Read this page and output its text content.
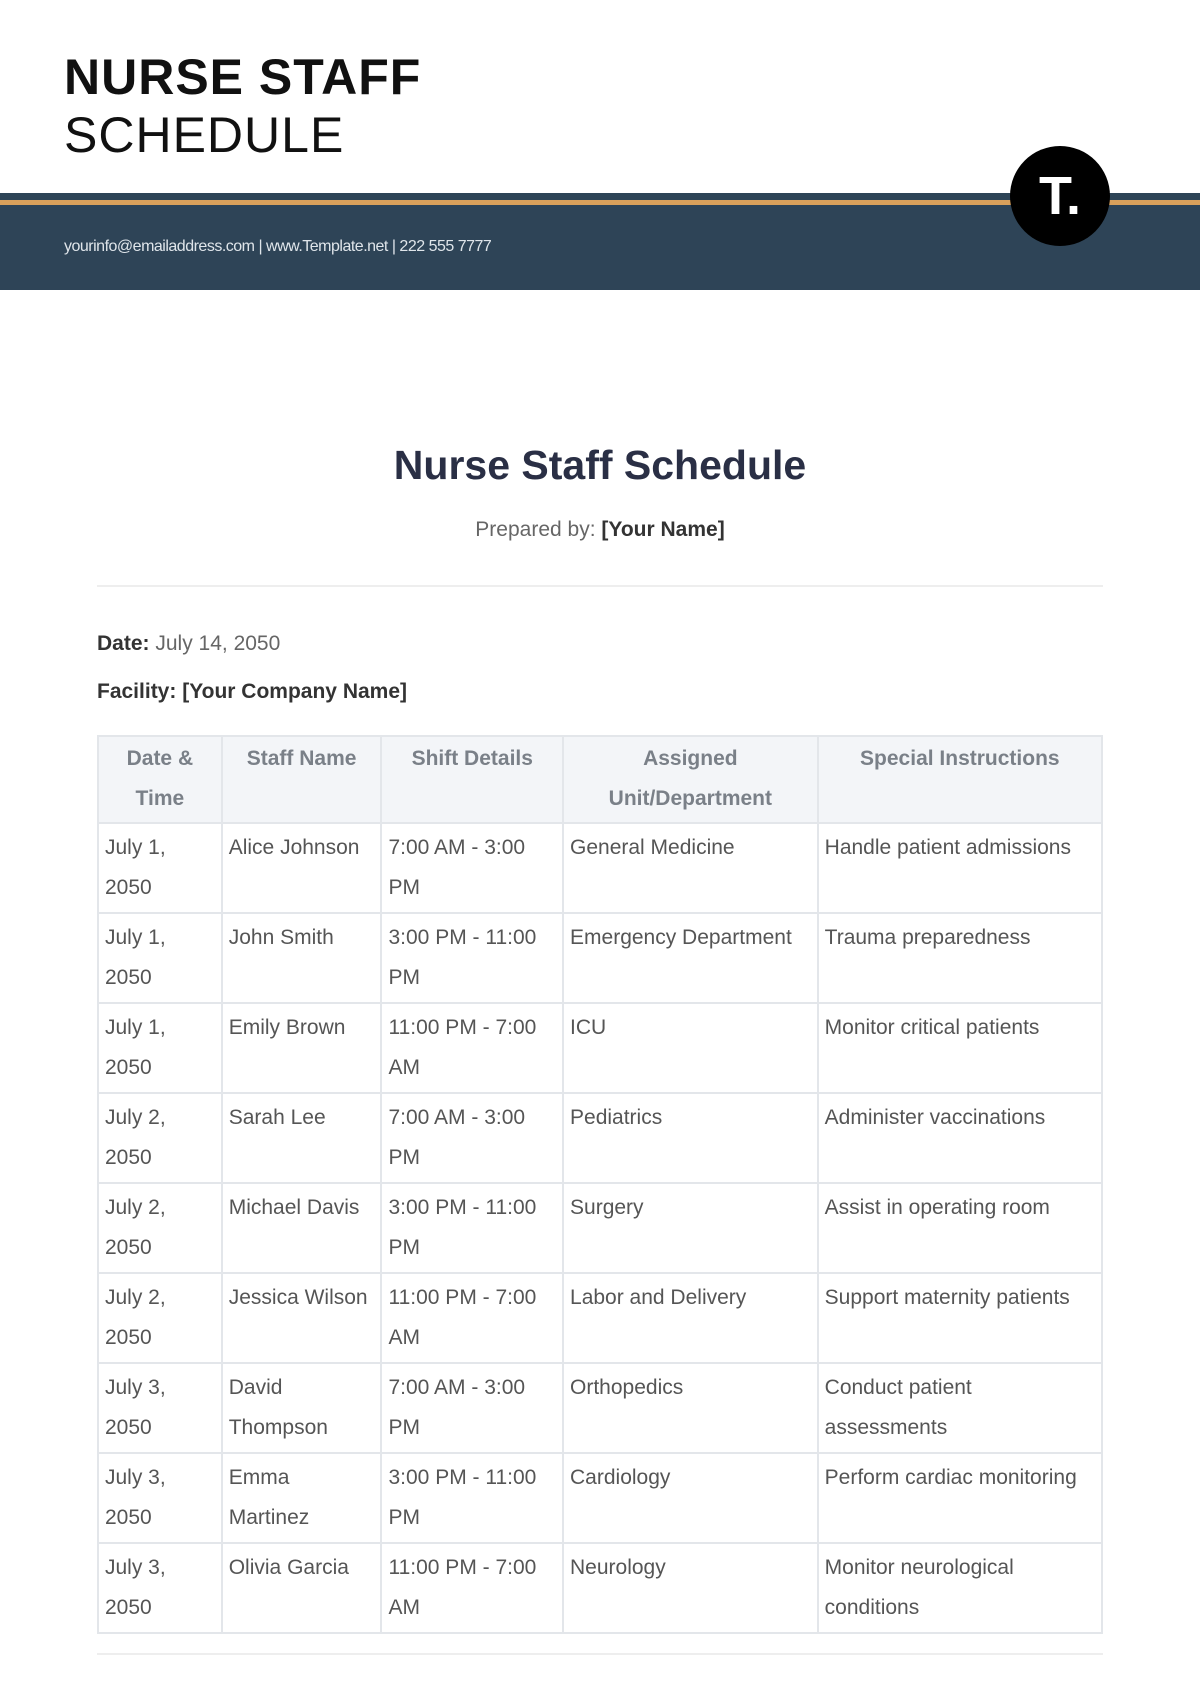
NURSE STAFF
SCHEDULE
yourinfo@emailaddress.com | www.Template.net | 222 555 7777
T.
Nurse Staff Schedule
Prepared by: [Your Name]
Date: July 14, 2050
Facility: [Your Company Name]
Date & Time	Staff Name	Shift Details	Assigned Unit/Department	Special Instructions
July 1, 2050	Alice Johnson	7:00 AM - 3:00 PM	General Medicine	Handle patient admissions
July 1, 2050	John Smith	3:00 PM - 11:00 PM	Emergency Department	Trauma preparedness
July 1, 2050	Emily Brown	11:00 PM - 7:00 AM	ICU	Monitor critical patients
July 2, 2050	Sarah Lee	7:00 AM - 3:00 PM	Pediatrics	Administer vaccinations
July 2, 2050	Michael Davis	3:00 PM - 11:00 PM	Surgery	Assist in operating room
July 2, 2050	Jessica Wilson	11:00 PM - 7:00 AM	Labor and Delivery	Support maternity patients
July 3, 2050	David Thompson	7:00 AM - 3:00 PM	Orthopedics	Conduct patient assessments
July 3, 2050	Emma Martinez	3:00 PM - 11:00 PM	Cardiology	Perform cardiac monitoring
July 3, 2050	Olivia Garcia	11:00 PM - 7:00 AM	Neurology	Monitor neurological conditions
